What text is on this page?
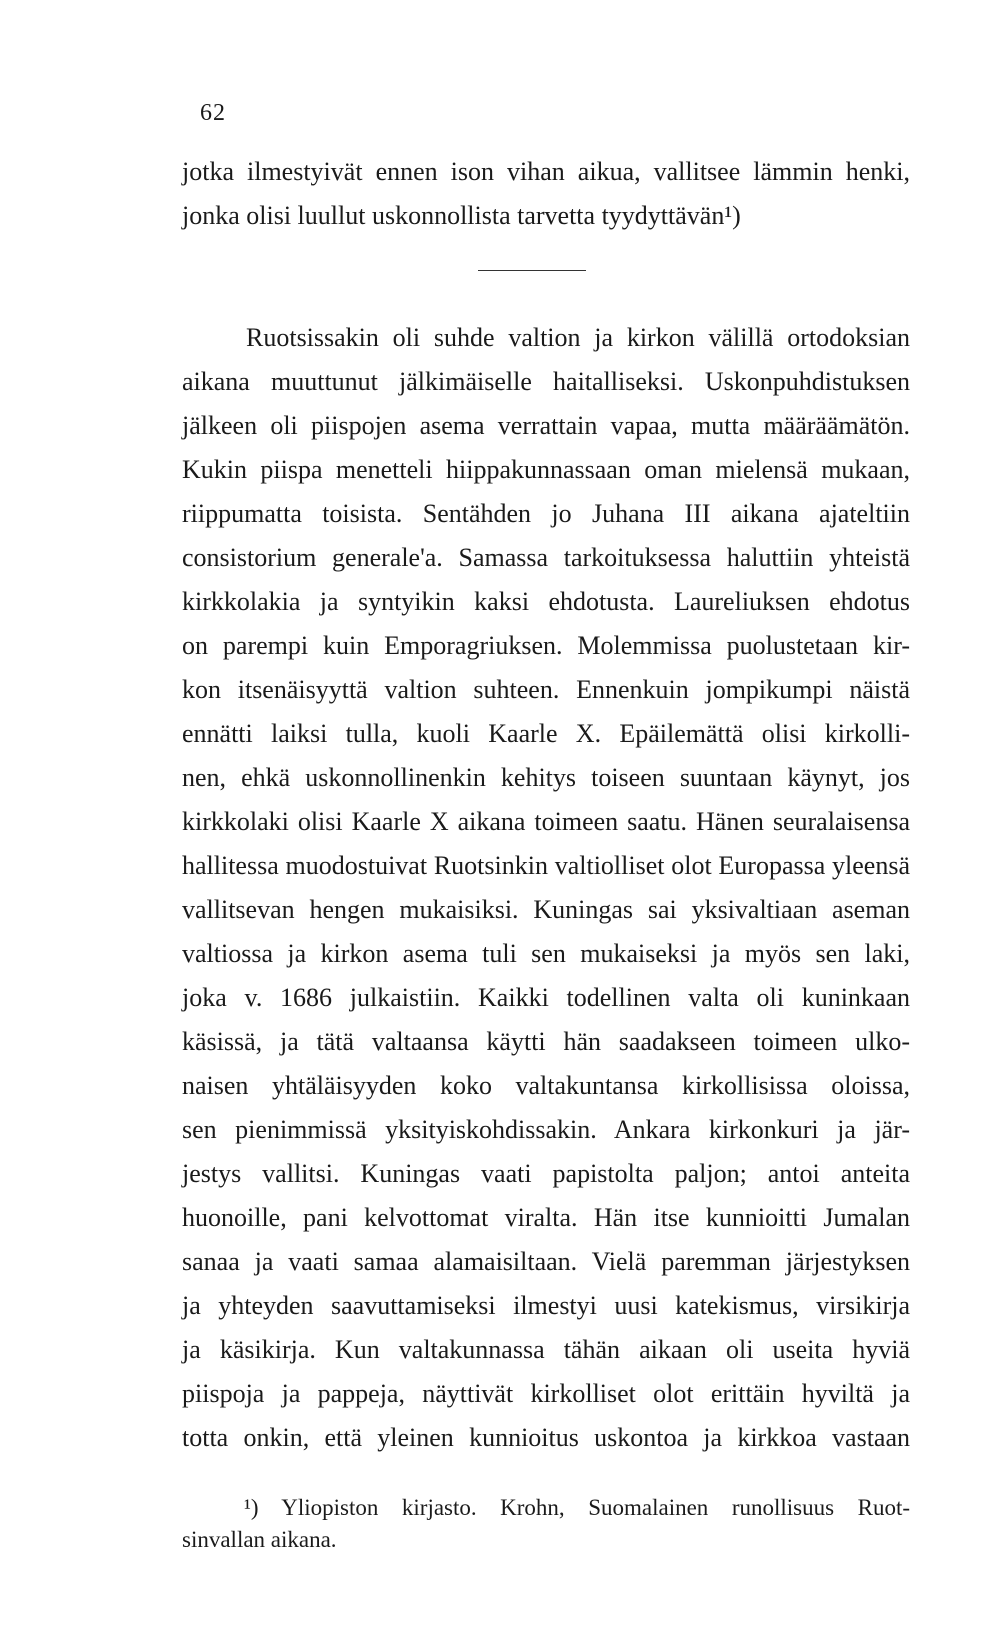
62
jotka ilmestyivät ennen ison vihan aikua, vallitsee lämmin henki,
jonka olisi luullut uskonnollista tarvetta tyydyttävän¹)
Ruotsissakin oli suhde valtion ja kirkon välillä ortodoksian
aikana muuttunut jälkimäiselle haitalliseksi. Uskonpuhdistuksen
jälkeen oli piispojen asema verrattain vapaa, mutta määräämätön.
Kukin piispa menetteli hiippakunnassaan oman mielensä mukaan,
riippumatta toisista. Sentähden jo Juhana III aikana ajateltiin
consistorium generale'a. Samassa tarkoituksessa haluttiin yhteistä
kirkkolakia ja syntyikin kaksi ehdotusta. Laureliuksen ehdotus
on parempi kuin Emporagriuksen. Molemmissa puolustetaan kir-
kon itsenäisyyttä valtion suhteen. Ennenkuin jompikumpi näistä
ennätti laiksi tulla, kuoli Kaarle X. Epäilemättä olisi kirkolli-
nen, ehkä uskonnollinenkin kehitys toiseen suuntaan käynyt, jos
kirkkolaki olisi Kaarle X aikana toimeen saatu. Hänen seuralaisensa
hallitessa muodostuivat Ruotsinkin valtiolliset olot Europassa yleensä
vallitsevan hengen mukaisiksi. Kuningas sai yksivaltiaan aseman
valtiossa ja kirkon asema tuli sen mukaiseksi ja myös sen laki,
joka v. 1686 julkaistiin. Kaikki todellinen valta oli kuninkaan
käsissä, ja tätä valtaansa käytti hän saadakseen toimeen ulko-
naisen yhtäläisyyden koko valtakuntansa kirkollisissa oloissa,
sen pienimmissä yksityiskohdissakin. Ankara kirkonkuri ja jär-
jestys vallitsi. Kuningas vaati papistolta paljon; antoi anteita
huonoille, pani kelvottomat viralta. Hän itse kunnioitti Jumalan
sanaa ja vaati samaa alamaisiltaan. Vielä paremman järjestyksen
ja yhteyden saavuttamiseksi ilmestyi uusi katekismus, virsikirja
ja käsikirja. Kun valtakunnassa tähän aikaan oli useita hyviä
piispoja ja pappeja, näyttivät kirkolliset olot erittäin hyviltä ja
totta onkin, että yleinen kunnioitus uskontoa ja kirkkoa vastaan
¹) Yliopiston kirjasto. Krohn, Suomalainen runollisuus Ruot-
sinvallan aikana.
